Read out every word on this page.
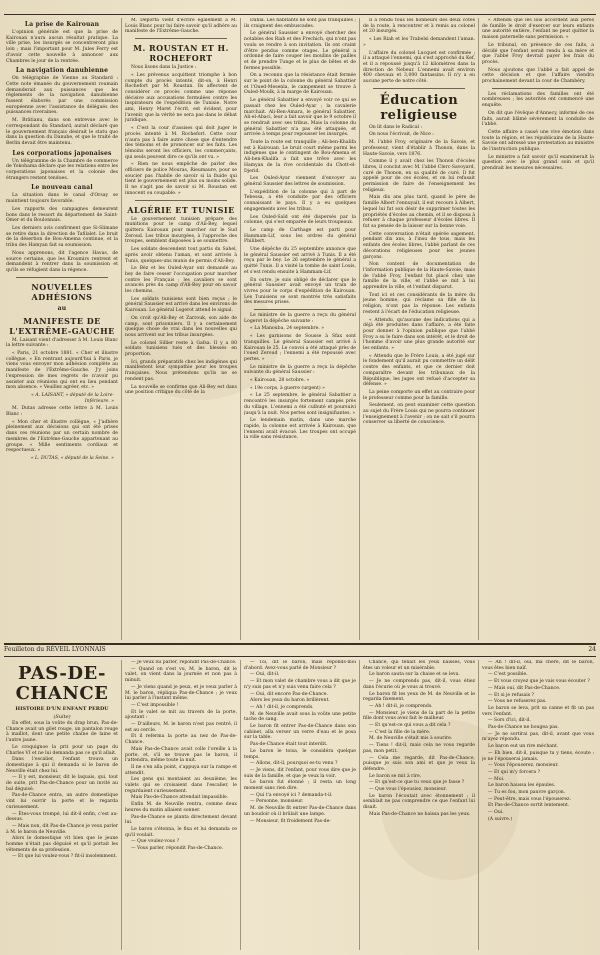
La prise de Kairouan

L'opinion générale est que la prise de Kairouan n'aura aucun résultat pratique. La ville prise, les insurgés se concentreront plus loin ; mais l'important pour M. Jules Ferry est d'avoir cette nouvelle à annoncer aux Chambres le jour de la rentrée.

La navigation danubienne

On télégraphie de Vienne au Standard : Cette note émanée du gouvernement roumain demanderait aux puissances que les règlements de la navigation danubienne fussent élaborés par une commission européenne avec l'assistance de délégués des puissances riveraines.

M. Brătianu, dans son entrevue avec le correspondant du Standard, aurait déclaré que le gouvernement français désirait le statu quo dans la question du Danube, et que le traité de Berlin devait être maintenu.

Les corporations japonaises

Un télégramme de la Chambre de commerce de Yokohama déclare que les relations entre les corporations japonaises et la colonie des étrangers restent tendues.

Le nouveau canal

La situation dans le canal d'Orsay se maintient toujours favorable.

Les rapports des campagnes demeurent bons dans le ressort du département de Saint-Omer et du Boulonnais.

Les derniers avis confirment que Si-Slimane se retire dans la direction de Tafilalet. Le bruit de la désertion de Bou-Amema continue, et la tribu des Hamyan fait sa soumission.

Nous apprenons, dit l'agence Havas, de source certaine, que les Kroumirs rentrent et demandent à rentrer dans la soumission et qu'ils se réfugient dans la régence.

NOUVELLES ADHÉSIONS
au
MANIFESTE DE L'EXTRÊME-GAUCHE

M. Laisant vient d'adresser à M. Louis Blanc la lettre suivante :

« Paris, 21 octobre 1881. « Cher et illustre collègue, « En rentrant aujourd'hui à Paris, je viens vous envoyer mon adhésion complète au manifeste de l'Extrême-Gauche. J'y joins l'expression de mes regrets de n'avoir pu assister aux réunions qui ont eu lieu pendant mon absence. « Veuillez agréer, etc. »

« A. LAISANT, « député de la Loire-Inférieure. »

M. Dutas adresse cette lettre à M. Louis Blanc :

« Mon cher et illustre collègue, « J'adhère pleinement aux décisions qui ont été prises dans ces réunions par un certain nombre de membres de l'Extrême-Gauche appartenant au groupe. « Mille sentiments cordiaux et respectueux. »

« L. DUTAS, « député de la Seine. »

M. Deporta vient d'écrire également à M. Louis Blanc pour lui faire savoir qu'il adhère au manifeste de l'Extrême-Gauche.

M. ROUSTAN ET H. ROCHEFORT

Nous lisons dans la Justice :

« Les prévenus acquittent triomphe à bon compte du procès intenté, dit-on, à Henri Rochefort par M. Roustan. Ils affectent de considérer ce procès comme une réponse décisive aux accusations formulées contre les inspirateurs de l'expédition de Tunisie. Notre ami, Henry Maret l'écrit, est évident, pour l'avenir, que la vérité ne sera pas dans le débat juridique.

« C'est la cour d'assises qui doit juger le procès intenté à M. Rochefort. Cette cour n'aura pas à faire autre chose que d'entendre des témoins et de prononcer sur les faits. Les témoins seront les officiers, les commerçants, qui seuls peuvent dire ce qu'ils ont vu. »

« Rien ne nous empêche de parler des officiers de police Mouras, Rieumaure, pour se soucier pas l'habile de savoir si la fluide qui tient le gouvernement est plus ou moins solide. Il ne s'agit pas de savoir si M. Roustan est innocent ou coupable. »

ALGÉRIE ET TUNISIE

Le gouvernement tunisien prépare des munitions pour le camp d'Ali-Bey, lequel quittera Kairouan pour marcher sur le Sud Zeroud. Les tribus insurgées, à l'approche des troupes, semblent disposées à se soumettre.

Les soldats descendent tout partis du Sahel, après avoir obtenu l'aman, et sont arrivés à Tunis, quelques-uns munis de permis d'Ali-Bey.

Le Bèz et les Ouled-Ayar ont demandé au bey de faire cesser l'occupation pour marcher contre les Français ; les cavaliers se sont avancés près du camp d'Ali-Bey pour en savoir les chemins.

Les soldats tunisiens sont bien reçus ; le général Saussier est arrivé dans les environs de Kairouan. Le général Logerot attend le signal.

On croit qu'Ali-Bey et Zarrouk, son aide de camp, sont prisonniers. Il y a certainement quelque chose de vrai dans les nouvelles qui nous arrivent sur les tribus insurgées.

Le colonel Sillier reste à Gafsa. Il y a 80 soldats tunisiens tués et des blessés en proportion.

Ici, grands préparatifs chez les indigènes qui manifestent leur sympathie pour les troupes françaises. Nous prétendons qu'ils ne se rendent pas.

La nouvelle se confirme que Ali-Bey est dans une position critique du côté de la

Dahla. Les habitants ne sont pas tranquilles ; ils craignent des embuscades.

Le général Saussier a envoyé chercher des notables des Riah et des Frechich, qui n'ont pas voulu se rendre à son invitation. Ils ont craint d'être pendus comme otages. Le général a ordonné de faire couper les moulins de pailles et de prendre Tunge et le plus de bêtes et de fermes possible.

On a reconnu que la résistance était fermée sur le point de la colonne du général Sabattier et l'Oued-Mesenla, le campement se trouve à Ouled-Moulk, à la marge de Kairouan.

Le général Sabattier a envoyé voir ce qui se passait chez les Ouled-Ayar ; la cavalerie marchait. Ali-Ben-Amara, le général Sabattier, Ali-el-Abaci, leur a fait savoir que le 9 octobre il se rendrait avec ses tribus. Mais la colonne du général Sabattier n'a pas été attaquée, et arrivée à temps pour repousser les insurgés.

Toute la route est tranquille ; Ali-ben-Khalifa est à Kairouan. Le bruit court même parmi les indigènes que le contingent de Bou-Amema et Ali-ben-Khalifa a fait une trêve avec les Hamyan de la rive occidentale du Chott-el-Djerid.

Les Ouled-Ayar viennent d'envoyer au général Saussier des lettres de soumission.

L'expédition de la colonne qui à part de Tebessa, a été conduite par des officiers connaissant le pays. Il y a eu quelques engagements avec les tribus.

Les Ouled-Saïd ont été dispersés par la colonne, qui s'est emparée de leurs troupeaux.

Le camp de Carthage est parti pour Hammam-Lif, sous les ordres du général Philibert.

Une dépêche du 25 septembre annonce que le général Saussier est arrivé à Tunis. Il a été reçu par le bey. Le 26 septembre le général a quitté Tunis. Il a visité la tombe de saint Louis, et s'est rendu ensuite à Hammam-Lif.

En outre, je suis obligé de déclarer que le général Saussier avait envoyé un train de vivres pour le corps d'expédition de Kairouan. Les Tunisiens se sont montrés très satisfaits des mesures prises.

Le ministre de la guerre a reçu du général Logerot la dépêche suivante :

« La Manouba, 24 septembre. »

« Les garnisons de Sousse à Sfax sont tranquilles. Le général Saussier est arrivé à Kairouan le 25. Le convoi a été attaqué près de l'oued Zeroud ; l'ennemi a été repoussé avec pertes. »

Le ministre de la guerre a reçu la dépêche suivante du général Saussier :

« Kairouan, 28 octobre. »

« 19e corps, à guerre (urgent) »

« Le 25 septembre, le général Sabattier a rencontré les insurgés fortement campés près du village. L'ennemi a été culbuté et poursuivi jusqu'à la nuit. Nos pertes sont insignifiantes. »

Le lendemain matin, dans une marche rapide, la colonne est arrivée à Kairouan, que l'ennemi avait évacué. Les troupes ont occupé la ville sans résistance.

Il a rendu tous les honneurs des deux côtés de la route, à rencontrer et à remis au colonel et 20 insurgés.

« Les Riah et les Trabelsi demandent l'aman. »

L'affaire du colonel Lucquet est confirmée ; il a attaqué l'ennemi, qui s'est approché du Kef, et il a repoussé jusqu'à 12 kilomètres dans la direction de Nebeur. L'ennemi avait environ 400 chevaux et 3,000 fantassins. Il n'y a eu aucune perte de notre côté.

Éducation religieuse

On lit dans le Radical :

On nous l'écrivait, de Nice :

M. l'abbé Froy, originaire de la Savoie, et professeur, vient d'établir à Thonon, dans la Haute-Savoie, vers 1876.

Comme il y avait chez les Thonon d'écoles libres, il conclut avec M. l'abbé Clerc-Savoyard, curé de Thonon, en sa qualité de curé. Il fut appelé pour de ces écoles, et on lui refusait permission de faire de l'enseignement les religieux.

Mais dix ans plus tard, quand le père de famille Albert l'ennuyait, il eut recours à Albert, lequel lui fut son désir de supprimer toutes les propriétés d'écoles au chemin, et il se disposa à refuser à chaque professeur d'écoles libres. Il fut sa pensée de la laisser sur la bonne voie.

Cette conversation n'était opérée sagement, pendant dix ans, à l'insu de tous, mais les enfants des écoles libres, l'abbé parlant de ces décorations religieuses pour les jeunes garçons.

Non content de documentation de l'information publique de la Haute-Savoie, mais de l'abbé Froy, l'enfant fut placé chez une famille de la ville, et l'abbé se mit à lui apprendre la ville, et l'enfant disparut.

Tout ici et ces considérants de la mère du jeune homme, qui réclame sa fille de la religion, n'ont pas la réponse. Les enfants restent à l'écart de l'éducation religieuse.

« Attendu, qu'aucune des indications qui a déjà été produites dans l'affaire, a été faite pour donner à l'opinion publique que l'abbé Froy a su le faire dans son intérêt, et le droit de l'homme d'avoir une plus grande autorité sur les enfants. »

« Attendu que le Frère Louis, a été jugé sur le fondement qu'il aurait pu commettre un délit contre des enfants, et que ce dernier doit comparaître devant les tribunaux de la République, les juges ont refusé d'accepter sa défense. »

La peine comporte un effet au contraire pour le professeur comme pour la famille.

Seulement, on peut examiner cette question au sujet du Frère Louis qui ne pourra continuer l'enseignement à l'avenir ; on ne sait s'il pourra conserver sa liberté de conscience.

« Attendu que les lois accordent aux pères de famille le droit d'exercer sur leurs enfants une autorité entière, l'enfant ne peut quitter la maison paternelle sans permission. »

Le tribunal, en présence de ces faits, a décidé que l'enfant serait rendu à sa mère et que l'abbé Froy devrait payer les frais du procès.

Nous ajoutons que l'abbé a fait appel de cette décision et que l'affaire viendra prochainement devant la cour de Chambéry.

Les réclamations des familles ont été nombreuses ; les autorités ont commencé une enquête.

On dit que l'évêque d'Annecy, informé de ces faits, aurait blâmé sévèrement la conduite de l'abbé.

Cette affaire a causé une vive émotion dans toute la région, et les républicains de la Haute-Savoie ont adressé une protestation au ministre de l'instruction publique.

Le ministre a fait savoir qu'il examinerait la question avec le plus grand soin et qu'il prendrait les mesures nécessaires.

Feuilleton du RÉVEIL LYONNAIS	24
PAS-DE-CHANCE
HISTOIRE D'UN ENFANT PERDU
(Suite)

En effet, sous la voûte du drap brun, Pas-de-Chance avait un gilet rouge, un pantalon rouge à maillot, dont une petite chaîne de laine et l'autre jaune.

Le croquignoe la prit pour un page du Charles VI et ne lui demanda pas ce qu'il allait.

Dans l'escalier, l'enfant trouva un domestique à qui il demanda si le baron de Neuville était chez lui.

— Il y est, monsieur, dit le laquais, qui, tout de suite, prit Pas-de-Chance pour un invité au bal déguisé.

Pas-de-Chance entra, un autre domestique vint lui ouvrir la porte et le regarda curieusement.

— Êtes-vous trompé, lui dit-il enfin, c'est au-dessus.

— Mais non, dit Pas-de-Chance je veux parler à M. le baron de Neuville.

Alors le domestique vit bien que le jeune homme n'était pas déguisé et qu'il portait les vêtements de sa profession.

— Et que lui voulez-vous ? fit-il insolemment.

— Je veux lui parler, répondit Pas-de-Chance.

— Quand on s'est vu, M. le baron, dit le valet, on vient dans la journée et non pas à minuit.

— Je viens quand je peux, et je veux parler à M. le baron, répliqua Pas-de-Chance ; je veux lui parler à l'instant même.

— C'est impossible !

Et le valet se mit au travers de la porte, ajoutant :

— D'ailleurs, M. le baron n'est pas rentré, il est au cercle.

Et il referma la porte au nez de Pas-de-Chance.

Mais Pas-de-Chance avait colle l'oreille à la porte, et, s'il ne trouve pas le baron, il l'attendra, même toute la nuit.

Il ne s'en alla point, s'appuya sur la rampe et attendit.

Les gens qui montaient au deuxième, les valets qui se croisaient dans l'escalier, le regardaient curieusement.

Mais Pas-de-Chance attendait impassible.

Enfin M. de Neuville rentra, comme deux heures du matin allaient sonner.

Pas-de-Chance se planta directement devant lui.

Le baron s'étonna, le fixa et lui demanda ce qu'il voulait.

— Que voulez-vous ?

— Vous parler, répondit Pas-de-Chance.

— Toi, dit le baron, mais réponds-moi d'abord. Avez-vous parlé de Monsieur ?

— Oui, dit-il.

— Et mon valet de chambre vous a dit que je n'y suis pas et n'y suis venu faire cela ?

— Oui, dit encore Pas-de-Chance.

Alors les yeux du baron brillèrent.

— Ah ! dit-il, je comprends.

M. de Neuville avait sous la voûte une petite tache de sang.

Le baron fit entrer Pas-de-Chance dans son cabinet, alla verser un verre d'eau et le posa sur la table.

Pas-de-Chance était tout interdit.

Le baron le toisa, le considéra quelque temps.

— Allons, dit-il, pourquoi es-tu venu ?

— Je viens, dit l'enfant, pour vous dire que je suis de la famille, et que je veux la voir.

Le baron fut étonné ; il resta un long moment sans rien dire.

— Qui t'a envoyé ici ? demanda-t-il.

— Personne, monsieur.

M. de Neuville fit entrer Pas-de-Chance dans un boudoir où il brûlait une lampe.

— Monsieur, fit froidement Pas-de-

Chance, qui tenait les yeux baissés, vous êtes un voleur et un misérable.

Le baron sauta sur la chaise et se leva.

— Je ne comprends pas, dit-il, vous étiez dans l'écurie où je vous ai trouvé.

Le baron fit les yeux de M. de Neuville et le regarda fixement.

— Ah ! dit-il, je comprends.

— Monsieur, je viens de la part de la petite fille dont vous avez fait le malheur.

— Et qu'est-ce qui vous a dit cela ?

— C'est la fille de la mère.

M. de Neuville s'était mis à sourire.

— Tiens ! dit-il, mais cela ne vous regarde pas, mon petit.

— Cela me regarde, dit Pas-de-Chance, puisque je suis son ami et que je veux la défendre.

Le baron se mit à rire.

— Et qu'est-ce que tu veux que je fasse ?

— Que vous l'épousiez, monsieur.

Le baron l'écoutait avec étonnement ; il semblait ne pas comprendre ce que l'enfant lui disait.

Mais Pas-de-Chance ne baissa pas les yeux.

— Ah ! dit-il, oui, ma chère, dit le baron, vous êtes bien naïf.

— C'est possible.

— Et vous croyez que je vais vous écouter ?

— Mais oui, dit Pas-de-Chance.

— Et si je refusais ?

— Vous ne refuserez pas.

Le baron se leva, prit sa canne et fit un pas vers l'enfant.

— Sors d'ici, dit-il.

Pas-de-Chance ne bougea pas.

— Je ne sortirai pas, dit-il, avant que vous m'ayez répondu.

Le baron eut un rire méchant.

— Eh bien, dit-il, puisque tu y tiens, écoute : je ne l'épouserai jamais.

— Vous l'épouserez, monsieur.

— Et qui m'y forcera ?

— Moi.

Le baron haussa les épaules.

— Tu es fou, mon pauvre garçon.

— Peut-être, mais vous l'épouserez.

Et Pas-de-Chance sortit lentement.

— Oui.

(A suivre.)
